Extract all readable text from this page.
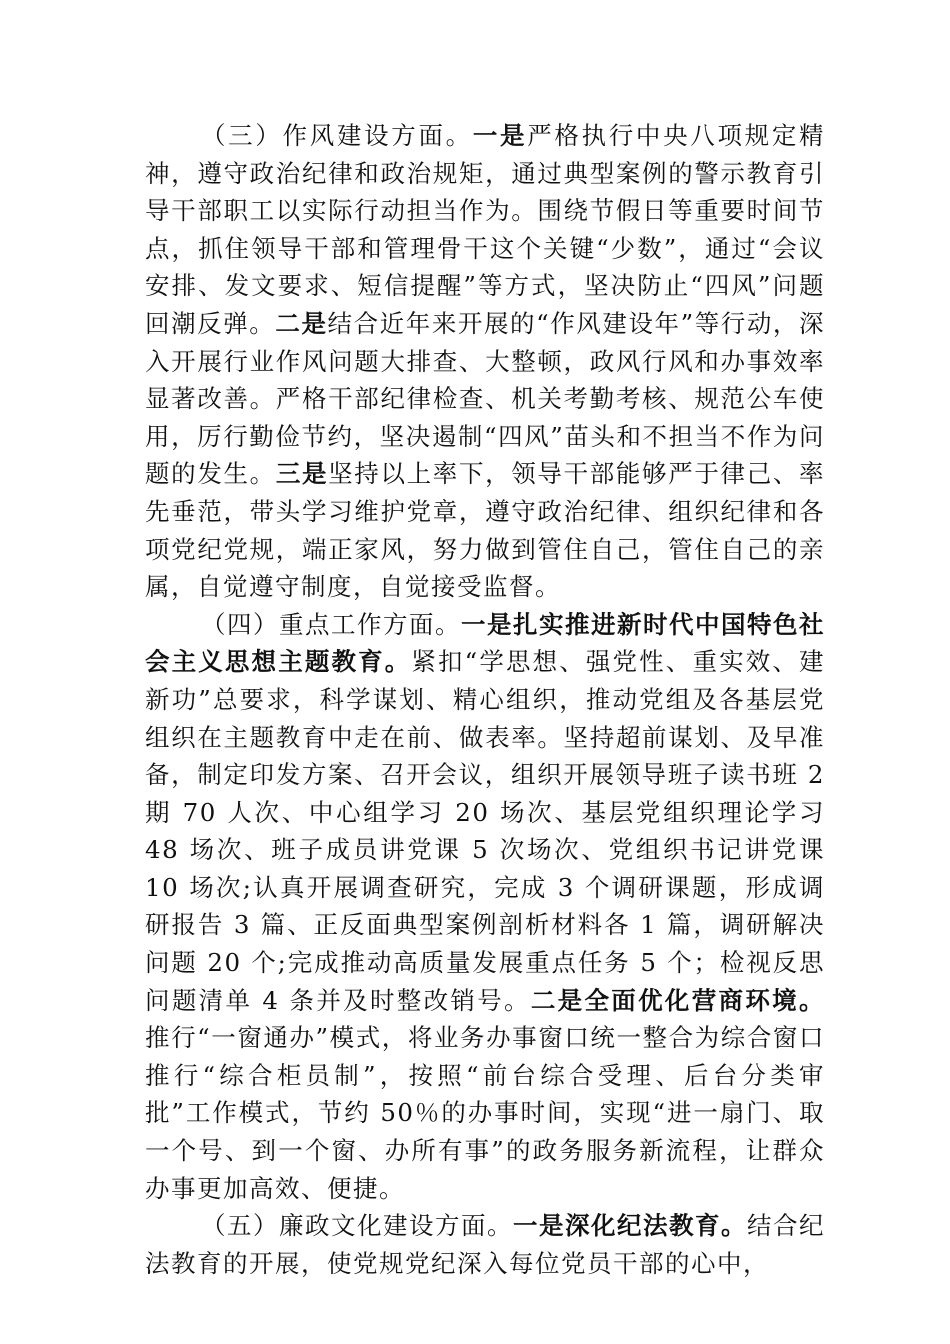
（三）作风建设方面。一是严格执行中央八项规定精神，遵守政治纪律和政治规矩，通过典型案例的警示教育引导干部职工以实际行动担当作为。围绕节假日等重要时间节点，抓住领导干部和管理骨干这个关键“少数”，通过“会议安排、发文要求、短信提醒”等方式，坚决防止“四风”问题回潮反弹。二是结合近年来开展的“作风建设年”等行动，深入开展行业作风问题大排查、大整顿，政风行风和办事效率显著改善。严格干部纪律检查、机关考勤考核、规范公车使用，厉行勤俭节约，坚决遏制“四风”苗头和不担当不作为问题的发生。三是坚持以上率下，领导干部能够严于律己、率先垂范，带头学习维护党章，遵守政治纪律、组织纪律和各项党纪党规，端正家风，努力做到管住自己，管住自己的亲属，自觉遵守制度，自觉接受监督。

（四）重点工作方面。一是扎实推进新时代中国特色社会主义思想主题教育。紧扣“学思想、强党性、重实效、建新功”总要求，科学谋划、精心组织，推动党组及各基层党组织在主题教育中走在前、做表率。坚持超前谋划、及早准备，制定印发方案、召开会议，组织开展领导班子读书班 2 期 70 人次、中心组学习 20 场次、基层党组织理论学习 48 场次、班子成员讲党课 5 次场次、党组织书记讲党课 10 场次;认真开展调查研究，完成 3 个调研课题，形成调研报告 3 篇、正反面典型案例剖析材料各 1 篇，调研解决问题 20 个;完成推动高质量发展重点任务 5 个；检视反思问题清单 4 条并及时整改销号。二是全面优化营商环境。推行“一窗通办”模式，将业务办事窗口统一整合为综合窗口推行“综合柜员制”，按照“前台综合受理、后台分类审批”工作模式，节约 50％的办事时间，实现“进一扇门、取一个号、到一个窗、办所有事”的政务服务新流程，让群众办事更加高效、便捷。

（五）廉政文化建设方面。一是深化纪法教育。结合纪法教育的开展，使党规党纪深入每位党员干部的心中，
